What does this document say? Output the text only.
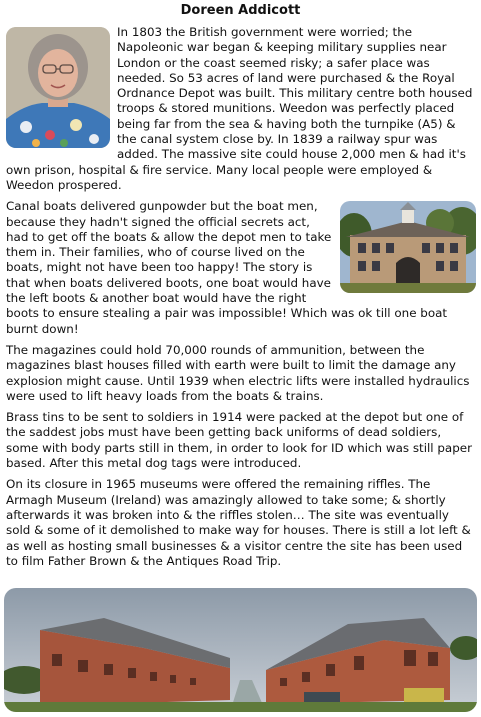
Doreen Addicott

In 1803 the British government were worried; the Napoleonic war began & keeping military supplies near London or the coast seemed risky; a safer place was needed. So 53 acres of land were purchased & the Royal Ordnance Depot was built. This military centre both housed troops & stored munitions. Weedon was perfectly placed being far from the sea & having both the turnpike (A5) & the canal system close by. In 1839 a railway spur was added. The massive site could house 2,000 men & had it's own prison, hospital & fire service. Many local people were employed & Weedon prospered.

Canal boats delivered gunpowder but the boat men, because they hadn't signed the official secrets act, had to get off the boats & allow the depot men to take them in. Their families, who of course lived on the boats, might not have been too happy! The story is that when boats delivered boots, one boat would have the left boots & another boat would have the right boots to ensure stealing a pair was impossible! Which was ok till one boat burnt down!

The magazines could hold 70,000 rounds of ammunition, between the magazines blast houses filled with earth were built to limit the damage any explosion might cause. Until 1939 when electric lifts were installed hydraulics were used to lift heavy loads from the boats & trains.

Brass tins to be sent to soldiers in 1914 were packed at the depot but one of the saddest jobs must have been getting back uniforms of dead soldiers, some with body parts still in them, in order to look for ID which was still paper based. After this metal dog tags were introduced.

On its closure in 1965 museums were offered the remaining riffles. The Armagh Museum (Ireland) was amazingly allowed to take some; & shortly afterwards it was broken into & the riffles stolen… The site was eventually sold & some of it demolished to make way for houses. There is still a lot left & as well as hosting small businesses & a visitor centre the site has been used to film Father Brown & the Antiques Road Trip.
